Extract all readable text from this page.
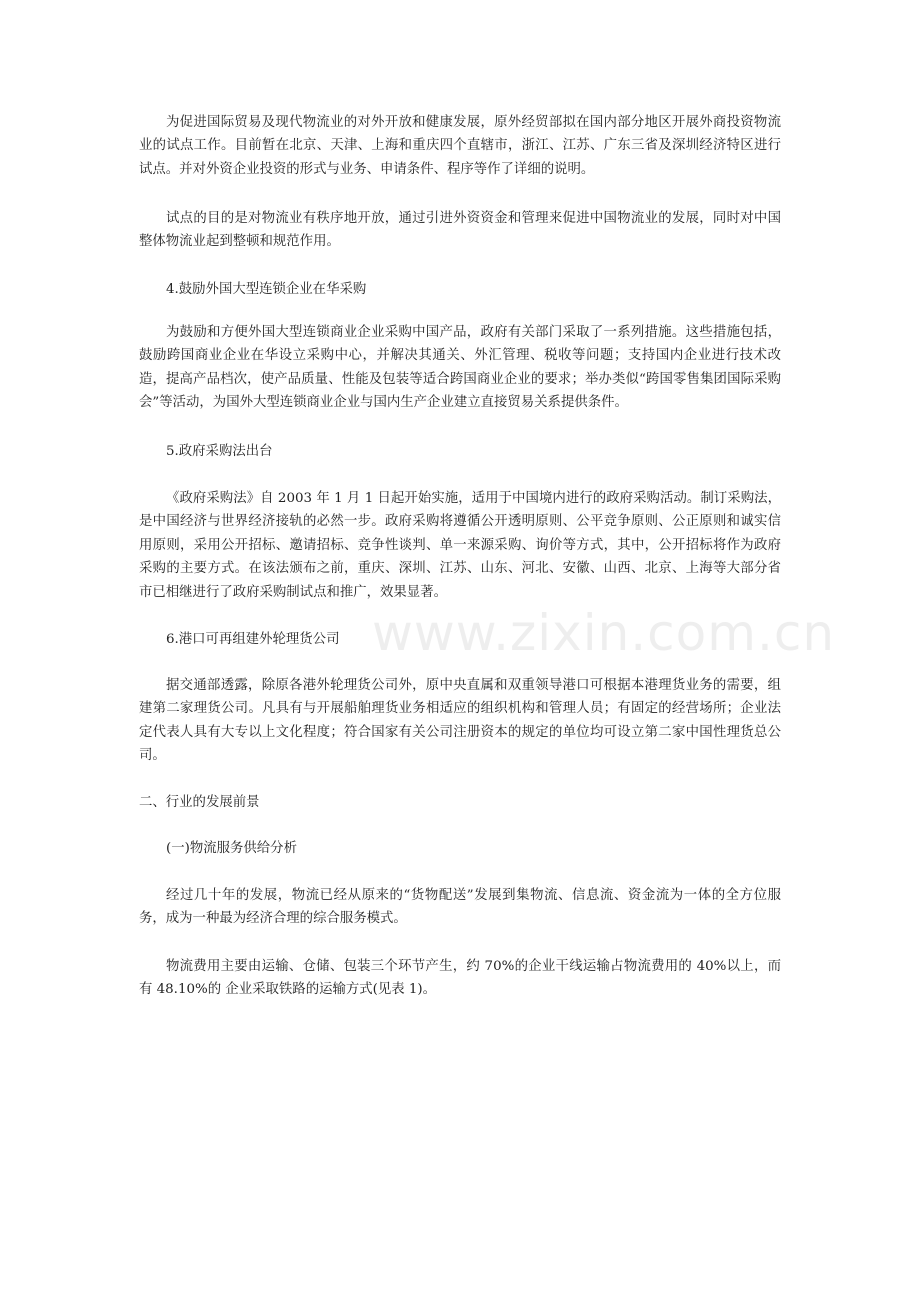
为促进国际贸易及现代物流业的对外开放和健康发展，原外经贸部拟在国内部分地区开展外商投资物流业的试点工作。目前暂在北京、天津、上海和重庆四个直辖市，浙江、江苏、广东三省及深圳经济特区进行试点。并对外资企业投资的形式与业务、申请条件、程序等作了详细的说明。

试点的目的是对物流业有秩序地开放，通过引进外资资金和管理来促进中国物流业的发展，同时对中国整体物流业起到整顿和规范作用。

4.鼓励外国大型连锁企业在华采购

为鼓励和方便外国大型连锁商业企业采购中国产品，政府有关部门采取了一系列措施。这些措施包括，鼓励跨国商业企业在华设立采购中心，并解决其通关、外汇管理、税收等问题；支持国内企业进行技术改造，提高产品档次，使产品质量、性能及包装等适合跨国商业企业的要求；举办类似“跨国零售集团国际采购会”等活动，为国外大型连锁商业企业与国内生产企业建立直接贸易关系提供条件。

5.政府采购法出台

《政府采购法》自 2003 年 1 月 1 日起开始实施，适用于中国境内进行的政府采购活动。制订采购法，是中国经济与世界经济接轨的必然一步。政府采购将遵循公开透明原则、公平竞争原则、公正原则和诚实信用原则，采用公开招标、邀请招标、竞争性谈判、单一来源采购、询价等方式，其中，公开招标将作为政府采购的主要方式。在该法颁布之前，重庆、深圳、江苏、山东、河北、安徽、山西、北京、上海等大部分省市已相继进行了政府采购制试点和推广，效果显著。

6.港口可再组建外轮理货公司

据交通部透露，除原各港外轮理货公司外，原中央直属和双重领导港口可根据本港理货业务的需要，组建第二家理货公司。凡具有与开展船舶理货业务相适应的组织机构和管理人员；有固定的经营场所；企业法定代表人具有大专以上文化程度；符合国家有关公司注册资本的规定的单位均可设立第二家中国性理货总公司。

二、行业的发展前景

(一)物流服务供给分析

经过几十年的发展，物流已经从原来的“货物配送”发展到集物流、信息流、资金流为一体的全方位服务，成为一种最为经济合理的综合服务模式。

物流费用主要由运输、仓储、包装三个环节产生，约 70%的企业干线运输占物流费用的 40%以上，而有 48.10%的 企业采取铁路的运输方式(见表 1)。

www.zixin.com.cn
